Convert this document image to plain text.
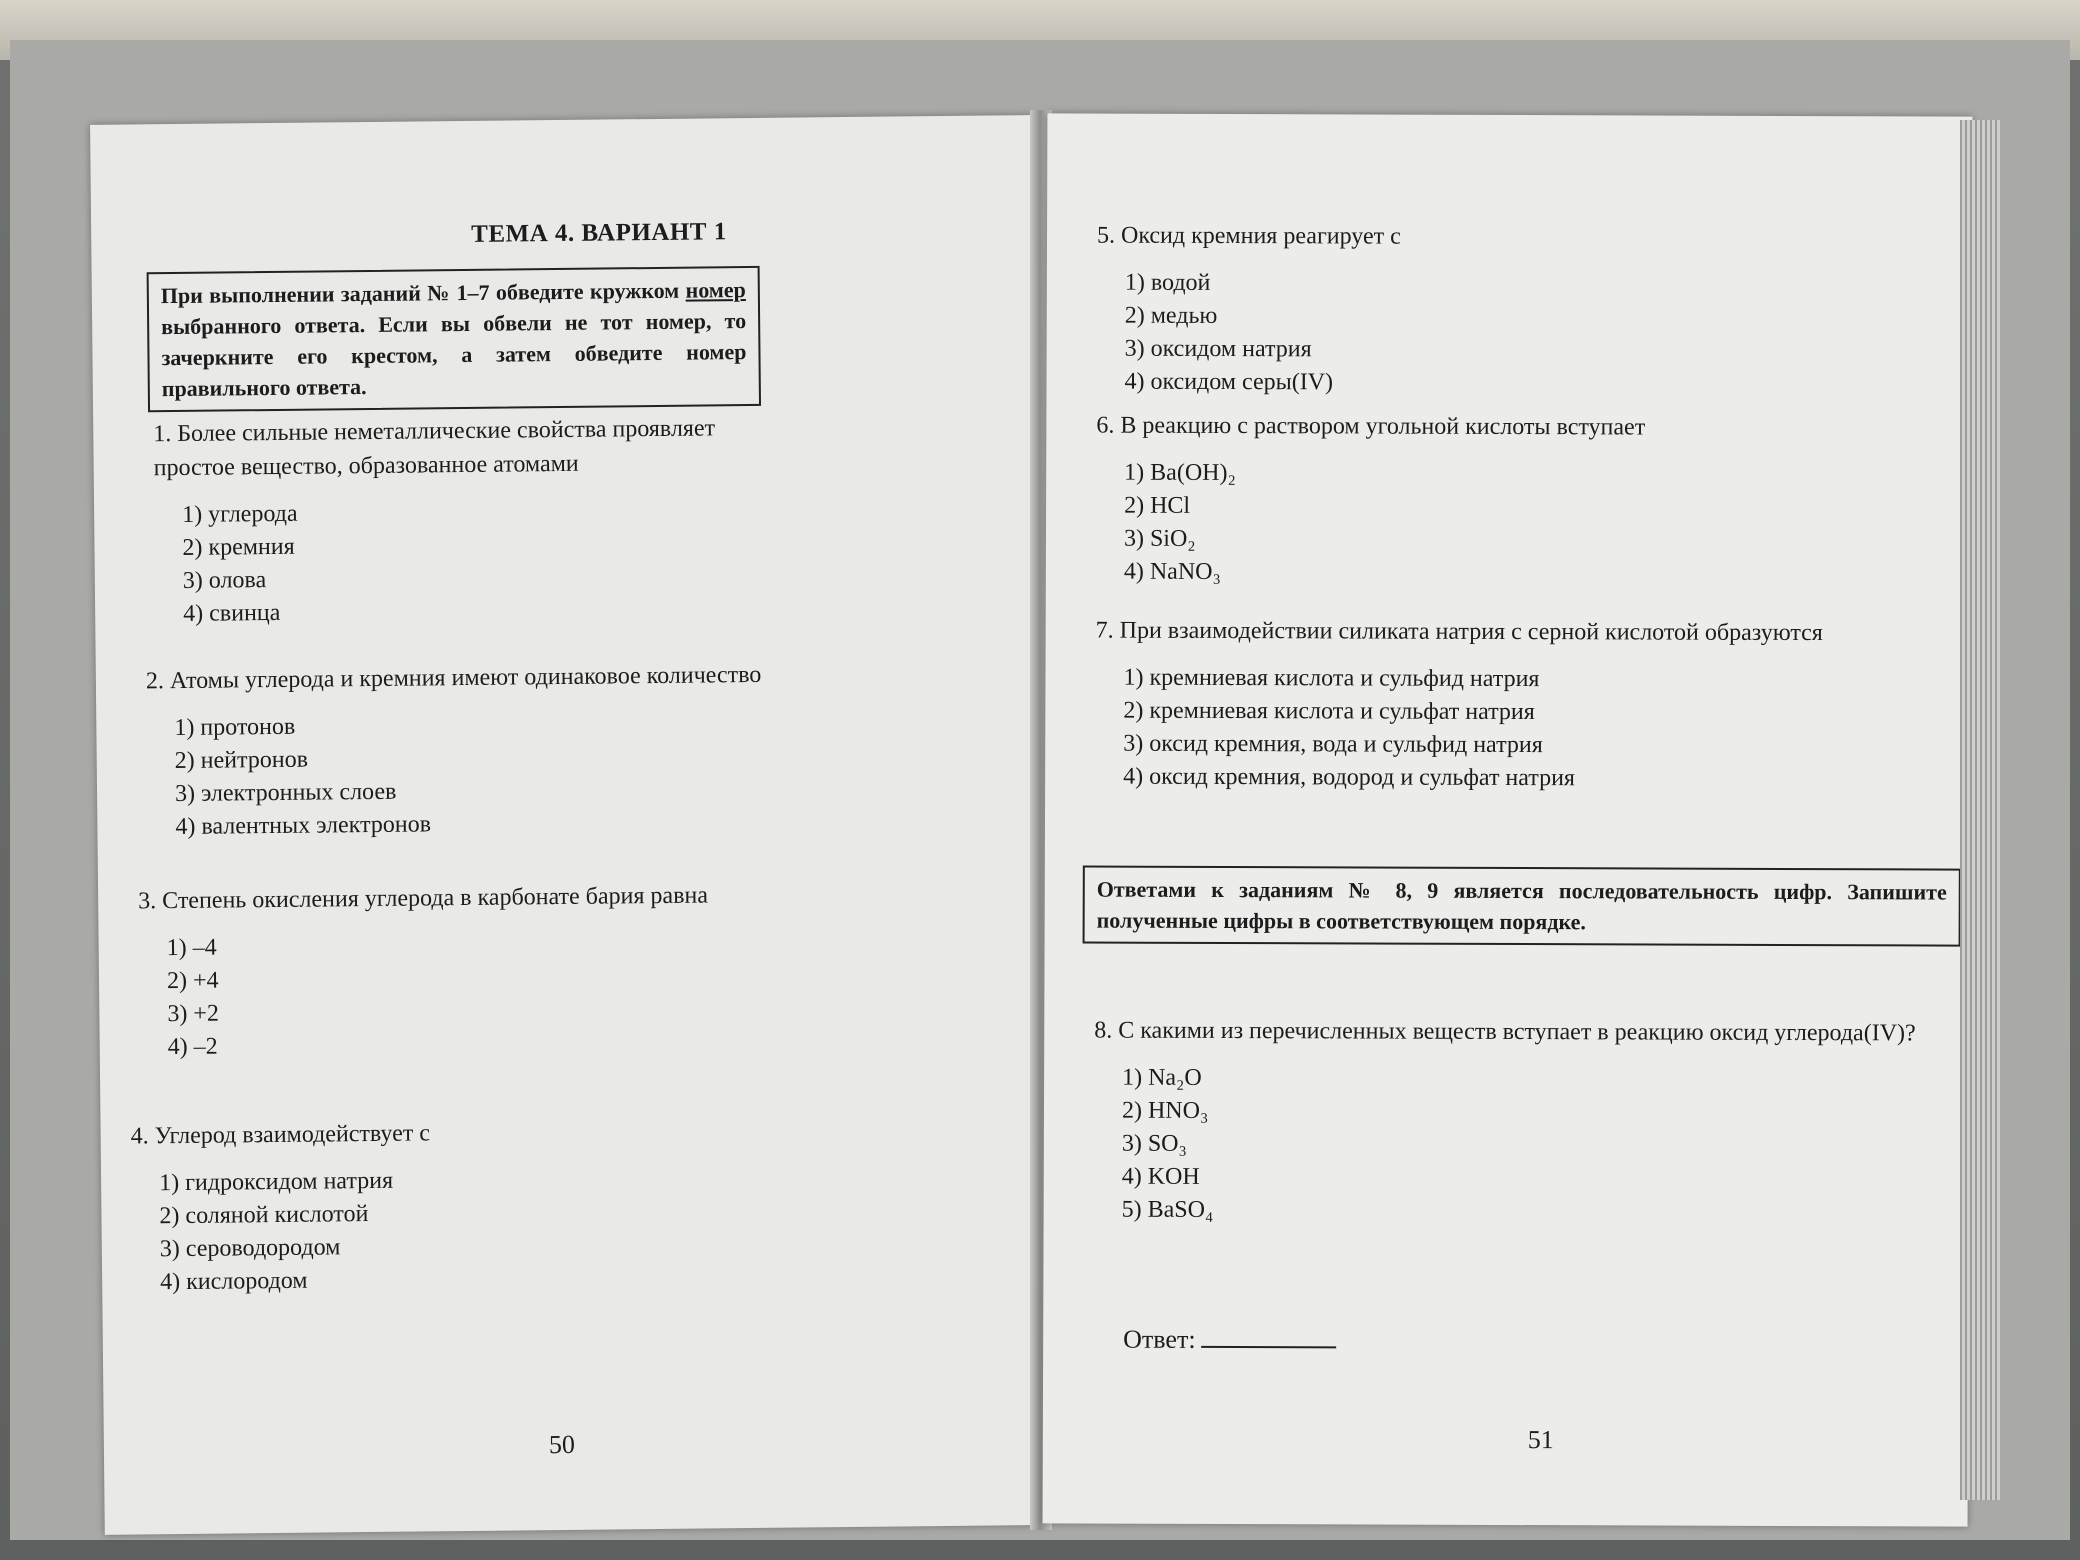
ТЕМА 4. ВАРИАНТ 1
При выполнении заданий № 1–7 обведите кружком номер выбранного ответа. Если вы обвели не тот номер, то зачеркните его крестом, а затем обведите номер правильного ответа.

1. Более сильные неметаллические свойства проявляет простое вещество, образованное атомами

1) углерода
2) кремния
3) олова
4) свинца

2. Атомы углерода и кремния имеют одинаковое количество

1) протонов
2) нейтронов
3) электронных слоев
4) валентных электронов

3. Степень окисления углерода в карбонате бария равна

1) –4
2) +4
3) +2
4) –2

4. Углерод взаимодействует с

1) гидроксидом натрия
2) соляной кислотой
3) сероводородом
4) кислородом
50

5. Оксид кремния реагирует с

1) водой
2) медью
3) оксидом натрия
4) оксидом серы(IV)

6. В реакцию с раствором угольной кислоты вступает

1) Ba(OH)₂
2) HCl
3) SiO₂
4) NaNO₃

7. При взаимодействии силиката натрия с серной кислотой образуются

1) кремниевая кислота и сульфид натрия
2) кремниевая кислота и сульфат натрия
3) оксид кремния, вода и сульфид натрия
4) оксид кремния, водород и сульфат натрия
Ответами к заданиям № 8, 9 является последовательность цифр. Запишите полученные цифры в соответствующем порядке.

8. С какими из перечисленных веществ вступает в реакцию оксид углерода(IV)?

1) Na₂O
2) HNO₃
3) SO₃
4) KOH
5) BaSO₄
Ответ:
51
